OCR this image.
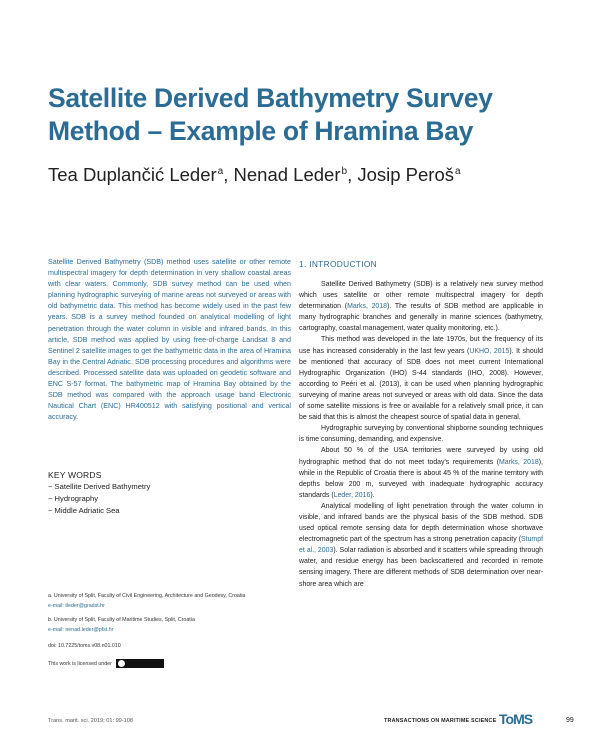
Satellite Derived Bathymetry Survey
Method – Example of Hramina Bay
Tea Duplančić Leder$^a$, Nenad Leder$^b$, Josip Peroš$^a$
Satellite Derived Bathymetry (SDB) method uses satellite or other remote multispectral imagery for depth determination in very shallow coastal areas with clear waters. Commonly, SDB survey method can be used when planning hydrographic surveying of marine areas not surveyed or areas with old bathymetric data. This method has become widely used in the past few years. SDB is a survey method founded on analytical modelling of light penetration through the water column in visible and infrared bands. In this article, SDB method was applied by using free-of-charge Landsat 8 and Sentinel 2 satellite images to get the bathymetric data in the area of Hramina Bay in the Central Adriatic. SDB processing procedures and algorithms were described. Processed satellite data was uploaded on geodetic software and ENC S-57 format. The bathymetric map of Hramina Bay obtained by the SDB method was compared with the approach usage band Electronic Nautical Chart (ENC) HR400512 with satisfying positional and vertical accuracy.
KEY WORDS
~ Satellite Derived Bathymetry
~ Hydrography
~ Middle Adriatic Sea
a. University of Split, Faculty of Civil Engineering, Architecture and Geodesy, Croatia
e-mail: tleder@gradst.hr
b. University of Split, Faculty of Maritime Studies, Split, Croatia
e-mail: nenad.leder@pfst.hr
doi: 10.7225/toms.v08.n01.010
This work is licensed under
1. INTRODUCTION

Satellite Derived Bathymetry (SDB) is a relatively new survey method which uses satellite or other remote multispectral imagery for depth determination (Marks, 2018). The results of SDB method are applicable in many hydrographic branches and generally in marine sciences (bathymetry, cartography, coastal management, water quality monitoring, etc.).

This method was developed in the late 1970s, but the frequency of its use has increased considerably in the last few years (UKHO, 2015). It should be mentioned that accuracy of SDB does not meet current International Hydrographic Organization (IHO) S-44 standards (IHO, 2008). However, according to Peéri et al. (2013), it can be used when planning hydrographic surveying of marine areas not surveyed or areas with old data. Since the data of some satellite missions is free or available for a relatively small price, it can be said that this is almost the cheapest source of spatial data in general.

Hydrographic surveying by conventional shipborne sounding techniques is time consuming, demanding, and expensive.

About 50 % of the USA territories were surveyed by using old hydrographic method that do not meet today's requirements (Marks, 2018), while in the Republic of Croatia there is about 45 % of the marine territory with depths below 200 m, surveyed with inadequate hydrographic accuracy standards (Leder, 2016).

Analytical modelling of light penetration through the water column in visible, and infrared bands are the physical basis of the SDB method. SDB used optical remote sensing data for depth determination whose shortwave electromagnetic part of the spectrum has a strong penetration capacity (Stumpf et al., 2003). Solar radiation is absorbed and it scatters while spreading through water, and residue energy has been backscattered and recorded in remote sensing imagery. There are different methods of SDB determination over near-shore area which are

Trans. marit. sci. 2019; 01: 99-108	TRANSACTIONS ON MARITIME SCIENCE ToMS	99
